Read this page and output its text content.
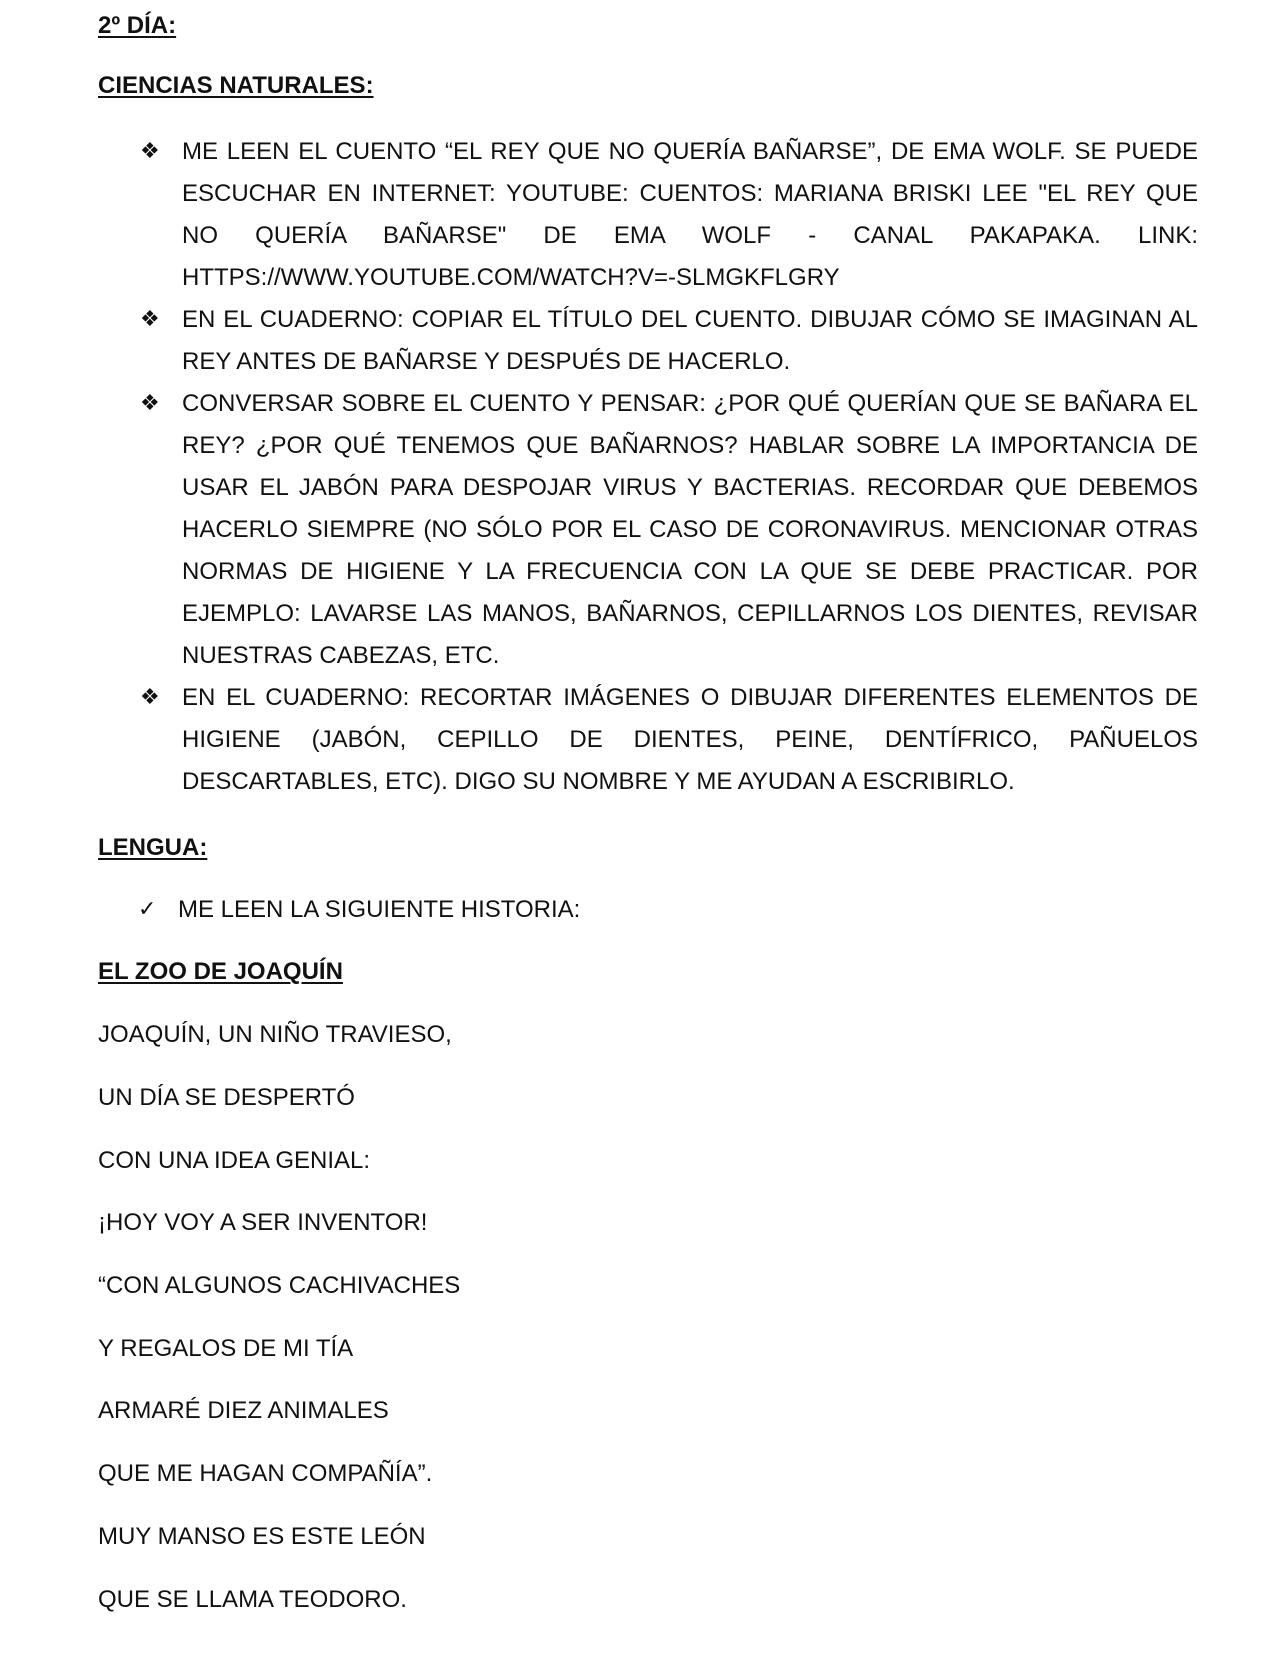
2º DÍA:
CIENCIAS NATURALES:
❖ ME LEEN EL CUENTO “EL REY QUE NO QUERÍA BAÑARSE”, DE EMA WOLF. SE PUEDE ESCUCHAR EN INTERNET: YOUTUBE: CUENTOS: MARIANA BRISKI LEE "EL REY QUE NO QUERÍA BAÑARSE" DE EMA WOLF - CANAL PAKAPAKA. LINK: HTTPS://WWW.YOUTUBE.COM/WATCH?V=-SLMGKFLGRY
❖ EN EL CUADERNO: COPIAR EL TÍTULO DEL CUENTO. DIBUJAR CÓMO SE IMAGINAN AL REY ANTES DE BAÑARSE Y DESPUÉS DE HACERLO.
❖ CONVERSAR SOBRE EL CUENTO Y PENSAR: ¿POR QUÉ QUERÍAN QUE SE BAÑARA EL REY? ¿POR QUÉ TENEMOS QUE BAÑARNOS? HABLAR SOBRE LA IMPORTANCIA DE USAR EL JABÓN PARA DESPOJAR VIRUS Y BACTERIAS. RECORDAR QUE DEBEMOS HACERLO SIEMPRE (NO SÓLO POR EL CASO DE CORONAVIRUS. MENCIONAR OTRAS NORMAS DE HIGIENE Y LA FRECUENCIA CON LA QUE SE DEBE PRACTICAR. POR EJEMPLO: LAVARSE LAS MANOS, BAÑARNOS, CEPILLARNOS LOS DIENTES, REVISAR NUESTRAS CABEZAS, ETC.
❖ EN EL CUADERNO: RECORTAR IMÁGENES O DIBUJAR DIFERENTES ELEMENTOS DE HIGIENE (JABÓN, CEPILLO DE DIENTES, PEINE, DENTÍFRICO, PAÑUELOS DESCARTABLES, ETC). DIGO SU NOMBRE Y ME AYUDAN A ESCRIBIRLO.
LENGUA:
✓ ME LEEN LA SIGUIENTE HISTORIA:
EL ZOO DE JOAQUÍN
JOAQUÍN, UN NIÑO TRAVIESO,
UN DÍA SE DESPERTÓ
CON UNA IDEA GENIAL:
¡HOY VOY A SER INVENTOR!
“CON ALGUNOS CACHIVACHES
Y REGALOS DE MI TÍA
ARMARÉ DIEZ ANIMALES
QUE ME HAGAN COMPAÑÍA”.
MUY MANSO ES ESTE LEÓN
QUE SE LLAMA TEODORO.
